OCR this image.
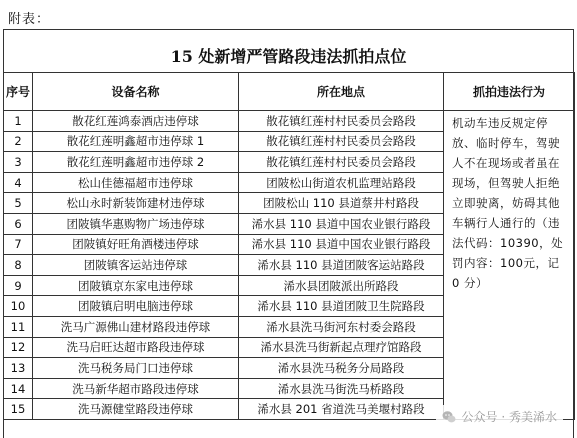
附表：
15 处新增严管路段违法抓拍点位
序号	设备名称	所在地点	抓拍违法行为
1	散花红莲鸿泰酒店违停球	散花镇红莲村村民委员会路段	机动车违反规定停放、临时停车，驾驶人不在现场或者虽在现场，但驾驶人拒绝立即驶离，妨碍其他车辆行人通行的（违法代码：10390，处罚内容：100元，记 0 分）
2	散花红莲明鑫超市违停球 1	散花镇红莲村村民委员会路段	
3	散花红莲明鑫超市违停球 2	散花镇红莲村村民委员会路段	
4	松山佳德福超市违停球	团陂松山街道农机监理站路段	
5	松山永时新装饰建材违停球	团陂松山 110 县道蔡井村路段	
6	团陂镇华惠购物广场违停球	浠水县 110 县道中国农业银行路段	
7	团陂镇好旺角酒楼违停球	浠水县 110 县道中国农业银行路段	
8	团陂镇客运站违停球	浠水县 110 县道团陂客运站路段	
9	团陂镇京东家电违停球	浠水县团陂派出所路段	
10	团陂镇启明电脑违停球	浠水县 110 县道团陂卫生院路段	
11	洗马广源佛山建材路段违停球	浠水县洗马街河东村委会路段	
12	洗马启旺达超市路段违停球	浠水县洗马街新起点理疗馆路段	
13	洗马税务局门口违停球	浠水县洗马税务分局路段	
14	洗马新华超市路段违停球	浠水县洗马街洗马桥路段	
15	洗马源健堂路段违停球	浠水县 201 省道洗马美堰村路段	
公众号 · 秀美浠水
